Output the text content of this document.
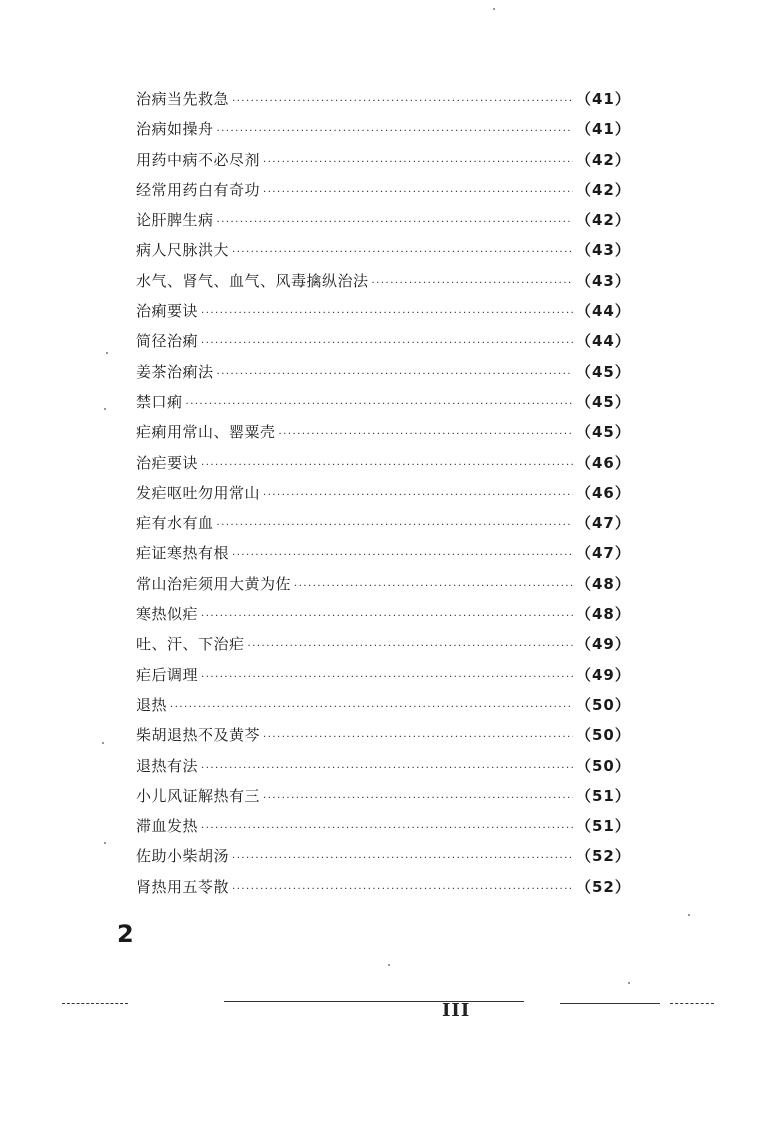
治病当先救急 ·····	（41）
治病如操舟 ·····	（41）
用药中病不必尽剂 ·····	（42）
经常用药白有奇功 ·····	（42）
论肝脾生病 ·····	（42）
病人尺脉洪大 ·····	（43）
水气、肾气、血气、风毒擒纵治法 ·····	（43）
治痢要诀 ·····	（44）
简径治痢 ·····	（44）
姜茶治痢法 ·····	（45）
禁口痢 ·····	（45）
疟痢用常山、罂粟壳 ·····	（45）
治疟要诀 ·····	（46）
发疟呕吐勿用常山 ·····	（46）
疟有水有血 ·····	（47）
疟证寒热有根 ·····	（47）
常山治疟须用大黄为佐 ·····	（48）
寒热似疟 ·····	（48）
吐、汗、下治疟 ·····	（49）
疟后调理 ·····	（49）
退热 ·····	（50）
柴胡退热不及黄芩 ·····	（50）
退热有法 ·····	（50）
小儿风证解热有三 ·····	（51）
滞血发热 ·····	（51）
佐助小柴胡汤 ·····	（52）
肾热用五苓散 ·····	（52）
2
III
